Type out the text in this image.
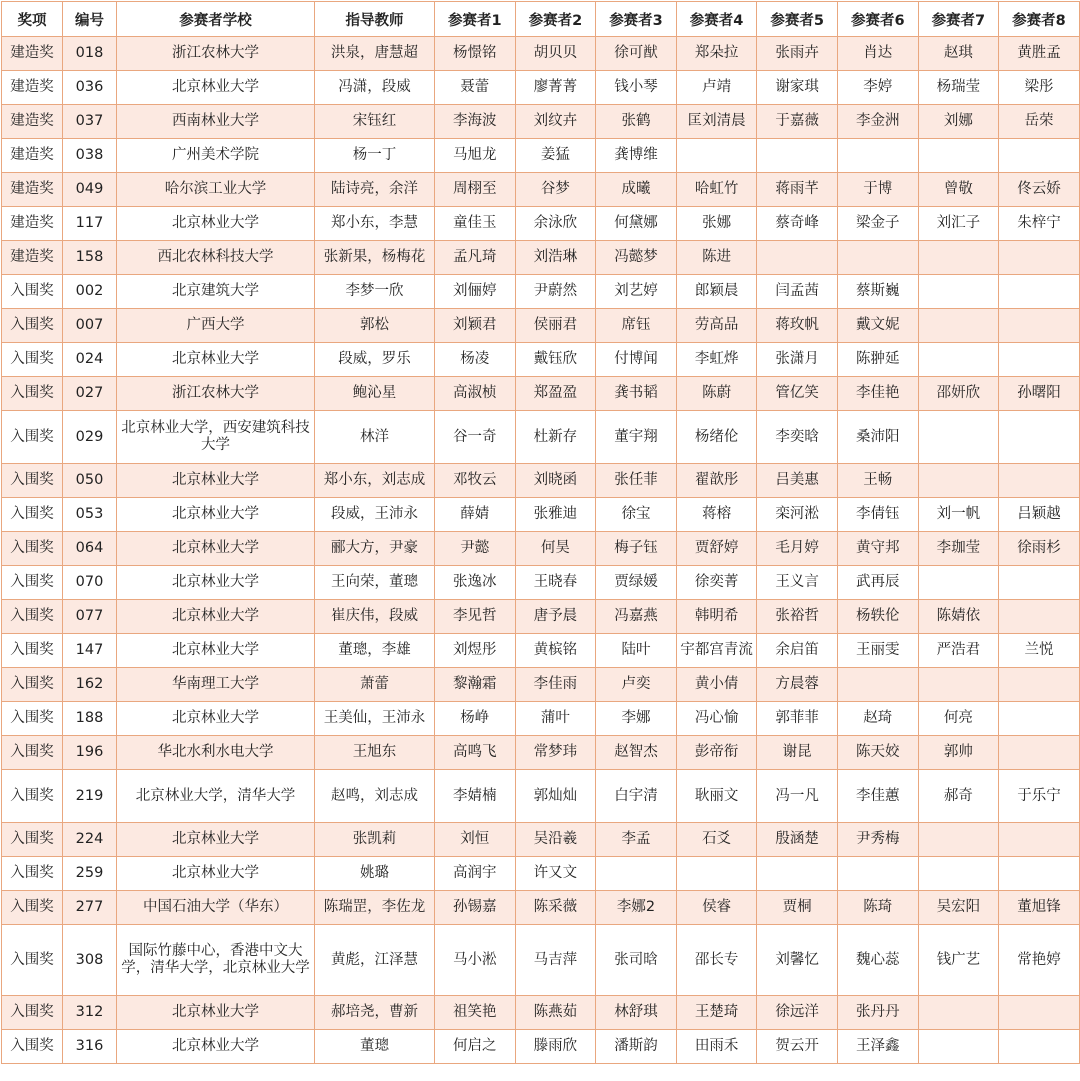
奖项	编号	参赛者学校	指导教师	参赛者1	参赛者2	参赛者3	参赛者4	参赛者5	参赛者6	参赛者7	参赛者8
建造奖	018	浙江农林大学	洪泉，唐慧超	杨憬铭	胡贝贝	徐可猷	郑朵拉	张雨卉	肖达	赵琪	黄胜孟
建造奖	036	北京林业大学	冯潇，段威	聂蕾	廖菁菁	钱小琴	卢靖	谢家琪	李婷	杨瑞莹	梁彤
建造奖	037	西南林业大学	宋钰红	李海波	刘纹卉	张鹤	匡刘清晨	于嘉薇	李金洲	刘娜	岳荣
建造奖	038	广州美术学院	杨一丁	马旭龙	姜猛	龚博维					
建造奖	049	哈尔滨工业大学	陆诗亮，余洋	周栩至	谷梦	成曦	哈虹竹	蒋雨芊	于博	曾敬	佟云娇
建造奖	117	北京林业大学	郑小东，李慧	童佳玉	余泳欣	何黛娜	张娜	蔡奇峰	梁金子	刘汇子	朱梓宁
建造奖	158	西北农林科技大学	张新果，杨梅花	孟凡琦	刘浩琳	冯懿梦	陈进				
入围奖	002	北京建筑大学	李梦一欣	刘俪婷	尹蔚然	刘艺婷	郎颖晨	闫孟茜	蔡斯巍		
入围奖	007	广西大学	郭松	刘颖君	侯丽君	席钰	劳高品	蒋玫帆	戴文妮		
入围奖	024	北京林业大学	段威，罗乐	杨凌	戴钰欣	付博闻	李虹烨	张潇月	陈翀延		
入围奖	027	浙江农林大学	鲍沁星	高淑桢	郑盈盈	龚书韬	陈蔚	管亿笑	李佳艳	邵妍欣	孙曙阳
入围奖	029	北京林业大学，西安建筑科技大学	林洋	谷一奇	杜新存	董宇翔	杨绪伦	李奕晗	桑沛阳		
入围奖	050	北京林业大学	郑小东，刘志成	邓牧云	刘晓函	张任菲	翟歆彤	吕美惠	王畅		
入围奖	053	北京林业大学	段威，王沛永	薛婧	张雅迪	徐宝	蒋榕	栾河淞	李倩钰	刘一帆	吕颖越
入围奖	064	北京林业大学	郦大方，尹豪	尹懿	何昊	梅子钰	贾舒婷	毛月婷	黄守邦	李珈莹	徐雨杉
入围奖	070	北京林业大学	王向荣，董璁	张逸冰	王晓春	贾绿媛	徐奕菁	王义言	武再辰		
入围奖	077	北京林业大学	崔庆伟，段威	李见哲	唐予晨	冯嘉燕	韩明希	张裕哲	杨轶伦	陈婧依	
入围奖	147	北京林业大学	董璁，李雄	刘煜彤	黄槟铭	陆叶	宇都宫青流	余启笛	王丽雯	严浩君	兰悦
入围奖	162	华南理工大学	萧蕾	黎瀚霜	李佳雨	卢奕	黄小倩	方晨蓉			
入围奖	188	北京林业大学	王美仙，王沛永	杨峥	蒲叶	李娜	冯心愉	郭菲菲	赵琦	何亮	
入围奖	196	华北水利水电大学	王旭东	高鸣飞	常梦玮	赵智杰	彭帝衔	谢昆	陈天姣	郭帅	
入围奖	219	北京林业大学，清华大学	赵鸣，刘志成	李婧楠	郭灿灿	白宇清	耿丽文	冯一凡	李佳蕙	郝奇	于乐宁
入围奖	224	北京林业大学	张凯莉	刘恒	吴沿羲	李孟	石爻	殷涵楚	尹秀梅		
入围奖	259	北京林业大学	姚璐	高润宇	许又文						
入围奖	277	中国石油大学（华东）	陈瑞罡，李佐龙	孙锡嘉	陈采薇	李娜2	侯睿	贾桐	陈琦	吴宏阳	董旭锋
入围奖	308	国际竹藤中心，香港中文大学，清华大学，北京林业大学	黄彪，江泽慧	马小淞	马吉萍	张司晗	邵长专	刘馨忆	魏心蕊	钱广艺	常艳婷
入围奖	312	北京林业大学	郝培尧，曹新	祖笑艳	陈燕茹	林舒琪	王楚琦	徐远洋	张丹丹		
入围奖	316	北京林业大学	董璁	何启之	滕雨欣	潘斯韵	田雨禾	贺云开	王泽鑫		
